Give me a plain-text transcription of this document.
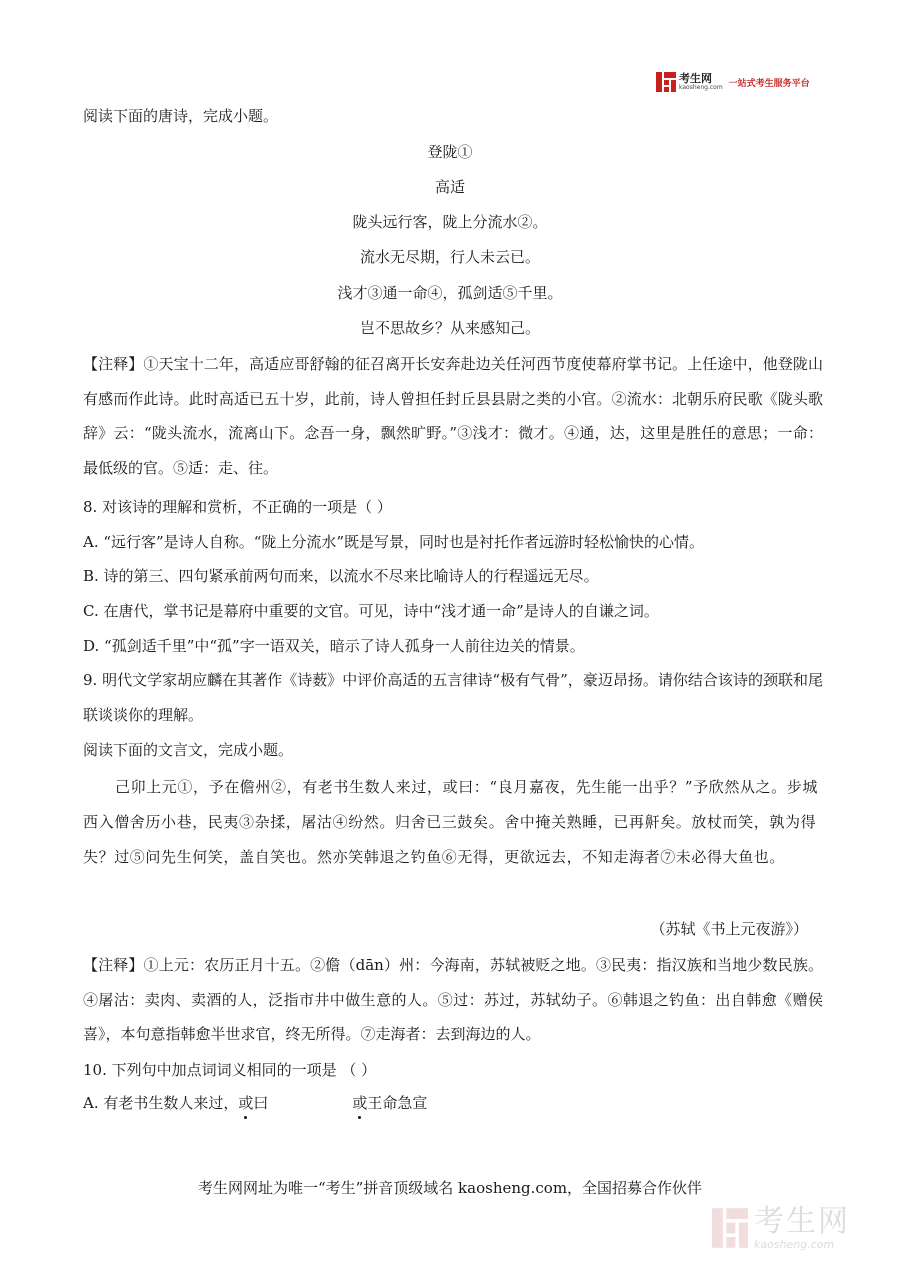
考生网
kaosheng.com 一站式考生服务平台
阅读下面的唐诗，完成小题。
登陇①
高适
陇头远行客，陇上分流水②。
流水无尽期，行人未云已。
浅才③通一命④，孤剑适⑤千里。
岂不思故乡？从来感知己。
【注释】①天宝十二年，高适应哥舒翰的征召离开长安奔赴边关任河西节度使幕府掌书记。上任途中，他登陇山有感而作此诗。此时高适已五十岁，此前，诗人曾担任封丘县县尉之类的小官。②流水：北朝乐府民歌《陇头歌辞》云：“陇头流水，流离山下。念吾一身，飘然旷野。”③浅才：微才。④通，达，这里是胜任的意思；一命：最低级的官。⑤适：走、往。
8. 对该诗的理解和赏析，不正确的一项是（ ）
A. “远行客”是诗人自称。“陇上分流水”既是写景，同时也是衬托作者远游时轻松愉快的心情。
B. 诗的第三、四句紧承前两句而来，以流水不尽来比喻诗人的行程遥远无尽。
C. 在唐代，掌书记是幕府中重要的文官。可见，诗中“浅才通一命”是诗人的自谦之词。
D. “孤剑适千里”中“孤”字一语双关，暗示了诗人孤身一人前往边关的情景。
9. 明代文学家胡应麟在其著作《诗薮》中评价高适的五言律诗“极有气骨”，豪迈昂扬。请你结合该诗的颈联和尾联谈谈你的理解。
阅读下面的文言文，完成小题。
己卯上元①，予在儋州②，有老书生数人来过，或曰：“良月嘉夜，先生能一出乎？”予欣然从之。步城西入僧舍历小巷，民夷③杂揉，屠沽④纷然。归舍已三鼓矣。舍中掩关熟睡，已再鼾矣。放杖而笑，孰为得失？过⑤问先生何笑，盖自笑也。然亦笑韩退之钓鱼⑥无得，更欲远去，不知走海者⑦未必得大鱼也。
（苏轼《书上元夜游》）
【注释】①上元：农历正月十五。②儋（dān）州：今海南，苏轼被贬之地。③民夷：指汉族和当地少数民族。④屠沽：卖肉、卖酒的人，泛指市井中做生意的人。⑤过：苏过，苏轼幼子。⑥韩退之钓鱼：出自韩愈《赠侯喜》，本句意指韩愈半世求官，终无所得。⑦走海者：去到海边的人。
10. 下列句中加点词词义相同的一项是 （ ）
A. 有老书生数人来过，或曰	或王命急宣
考生网网址为唯一“考生”拼音顶级域名 kaosheng.com，全国招募合作伙伴
考生网
kaosheng.com
